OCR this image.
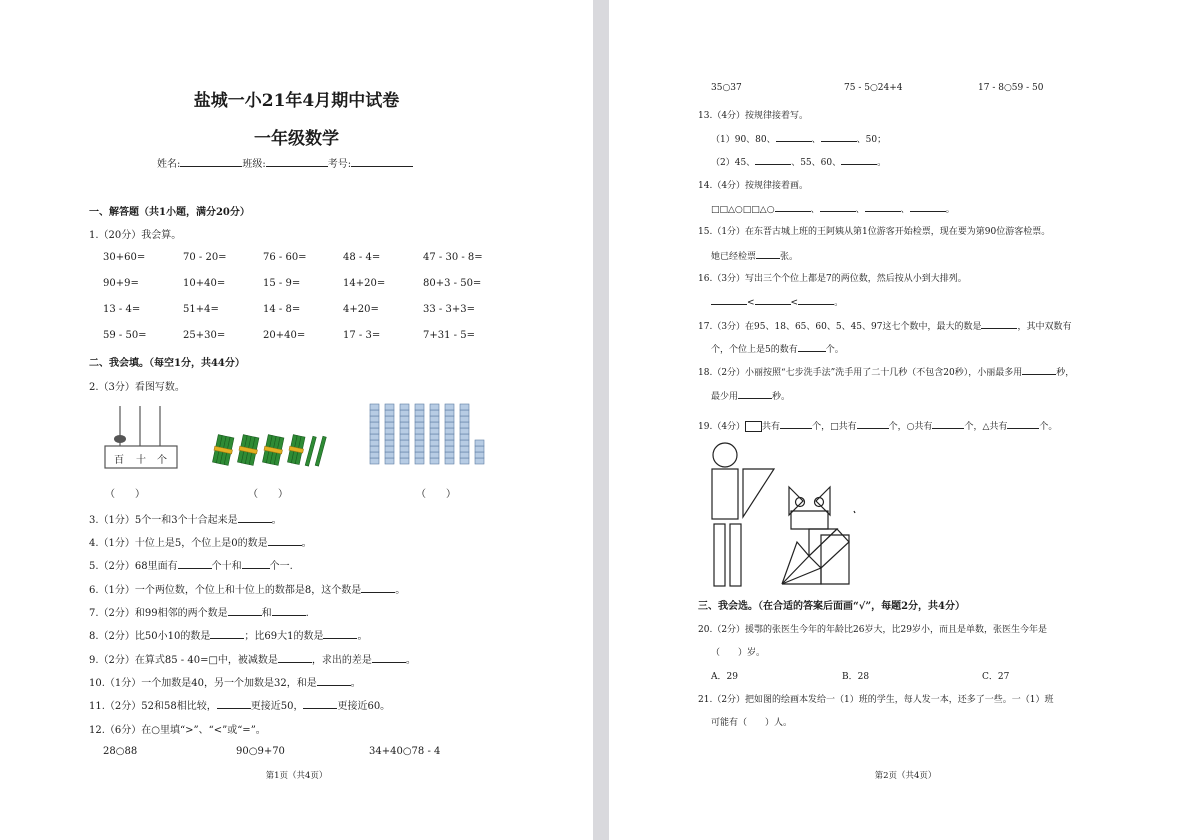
盐城一小21年4月期中试卷
一年级数学
姓名:	班级:	考号:
一、解答题（共1小题，满分20分）
1.（20分）我会算。
30+60=	70 - 20=	76 - 60=	48 - 4=	47 - 30 - 8=
90+9=	10+40=	15 - 9=	14+20=	80+3 - 50=
13 - 4=	51+4=	14 - 8=	4+20=	33 - 3+3=
59 - 50=	25+30=	20+40=	17 - 3=	7+31 - 5=
二、我会填。（每空1分，共44分）
2.（3分）看图写数。
百 十 个
（　　）	（　　）	（　　）
3.（1分）5个一和3个十合起来是	。
4.（1分）十位上是5，个位上是0的数是	。
5.（2分）68里面有	个十和	个一.
6.（1分）一个两位数，个位上和十位上的数都是8，这个数是	。
7.（2分）和99相邻的两个数是	和	.
8.（2分）比50小10的数是	；比69大1的数是	。
9.（2分）在算式85 - 40=□中，被减数是	，求出的差是	。
10.（1分）一个加数是40，另一个加数是32，和是	。
11.（2分）52和58相比较，	更接近50，	更接近60。
12.（6分）在○里填“>”、“<”或“=”。
28○88	90○9+70	34+40○78 - 4
第1页（共4页）
35○37	75 - 5○24+4	17 - 8○59 - 50
13.（4分）按规律接着写。
（1）90、80、	、	、50；
（2）45、	、55、60、	。
14.（4分）按规律接着画。
□□△○□□△○	、	、	、	。
15.（1分）在东晋古城上班的王阿姨从第1位游客开始检票，现在要为第90位游客检票。
她已经检票	张。
16.（3分）写出三个个位上都是7的两位数，然后按从小到大排列。
<	<	。
17.（3分）在95、18、65、60、5、45、97这七个数中，最大的数是	，其中双数有
个，个位上是5的数有	个。
18.（2分）小丽按照“七步洗手法”洗手用了二十几秒（不包含20秒），小丽最多用	秒，
最少用	秒。
19.（4分） 共有	个，□共有	个，○共有	个，△共有	个。
三、我会选。（在合适的答案后面画“√”，每题2分，共4分）
20.（2分）援鄂的张医生今年的年龄比26岁大，比29岁小，而且是单数，张医生今年是
（　　）岁。
A．29	B．28	C．27
21.（2分）把如图的绘画本发给一（1）班的学生，每人发一本，还多了一些。一（1）班
可能有（　　）人。
第2页（共4页）
